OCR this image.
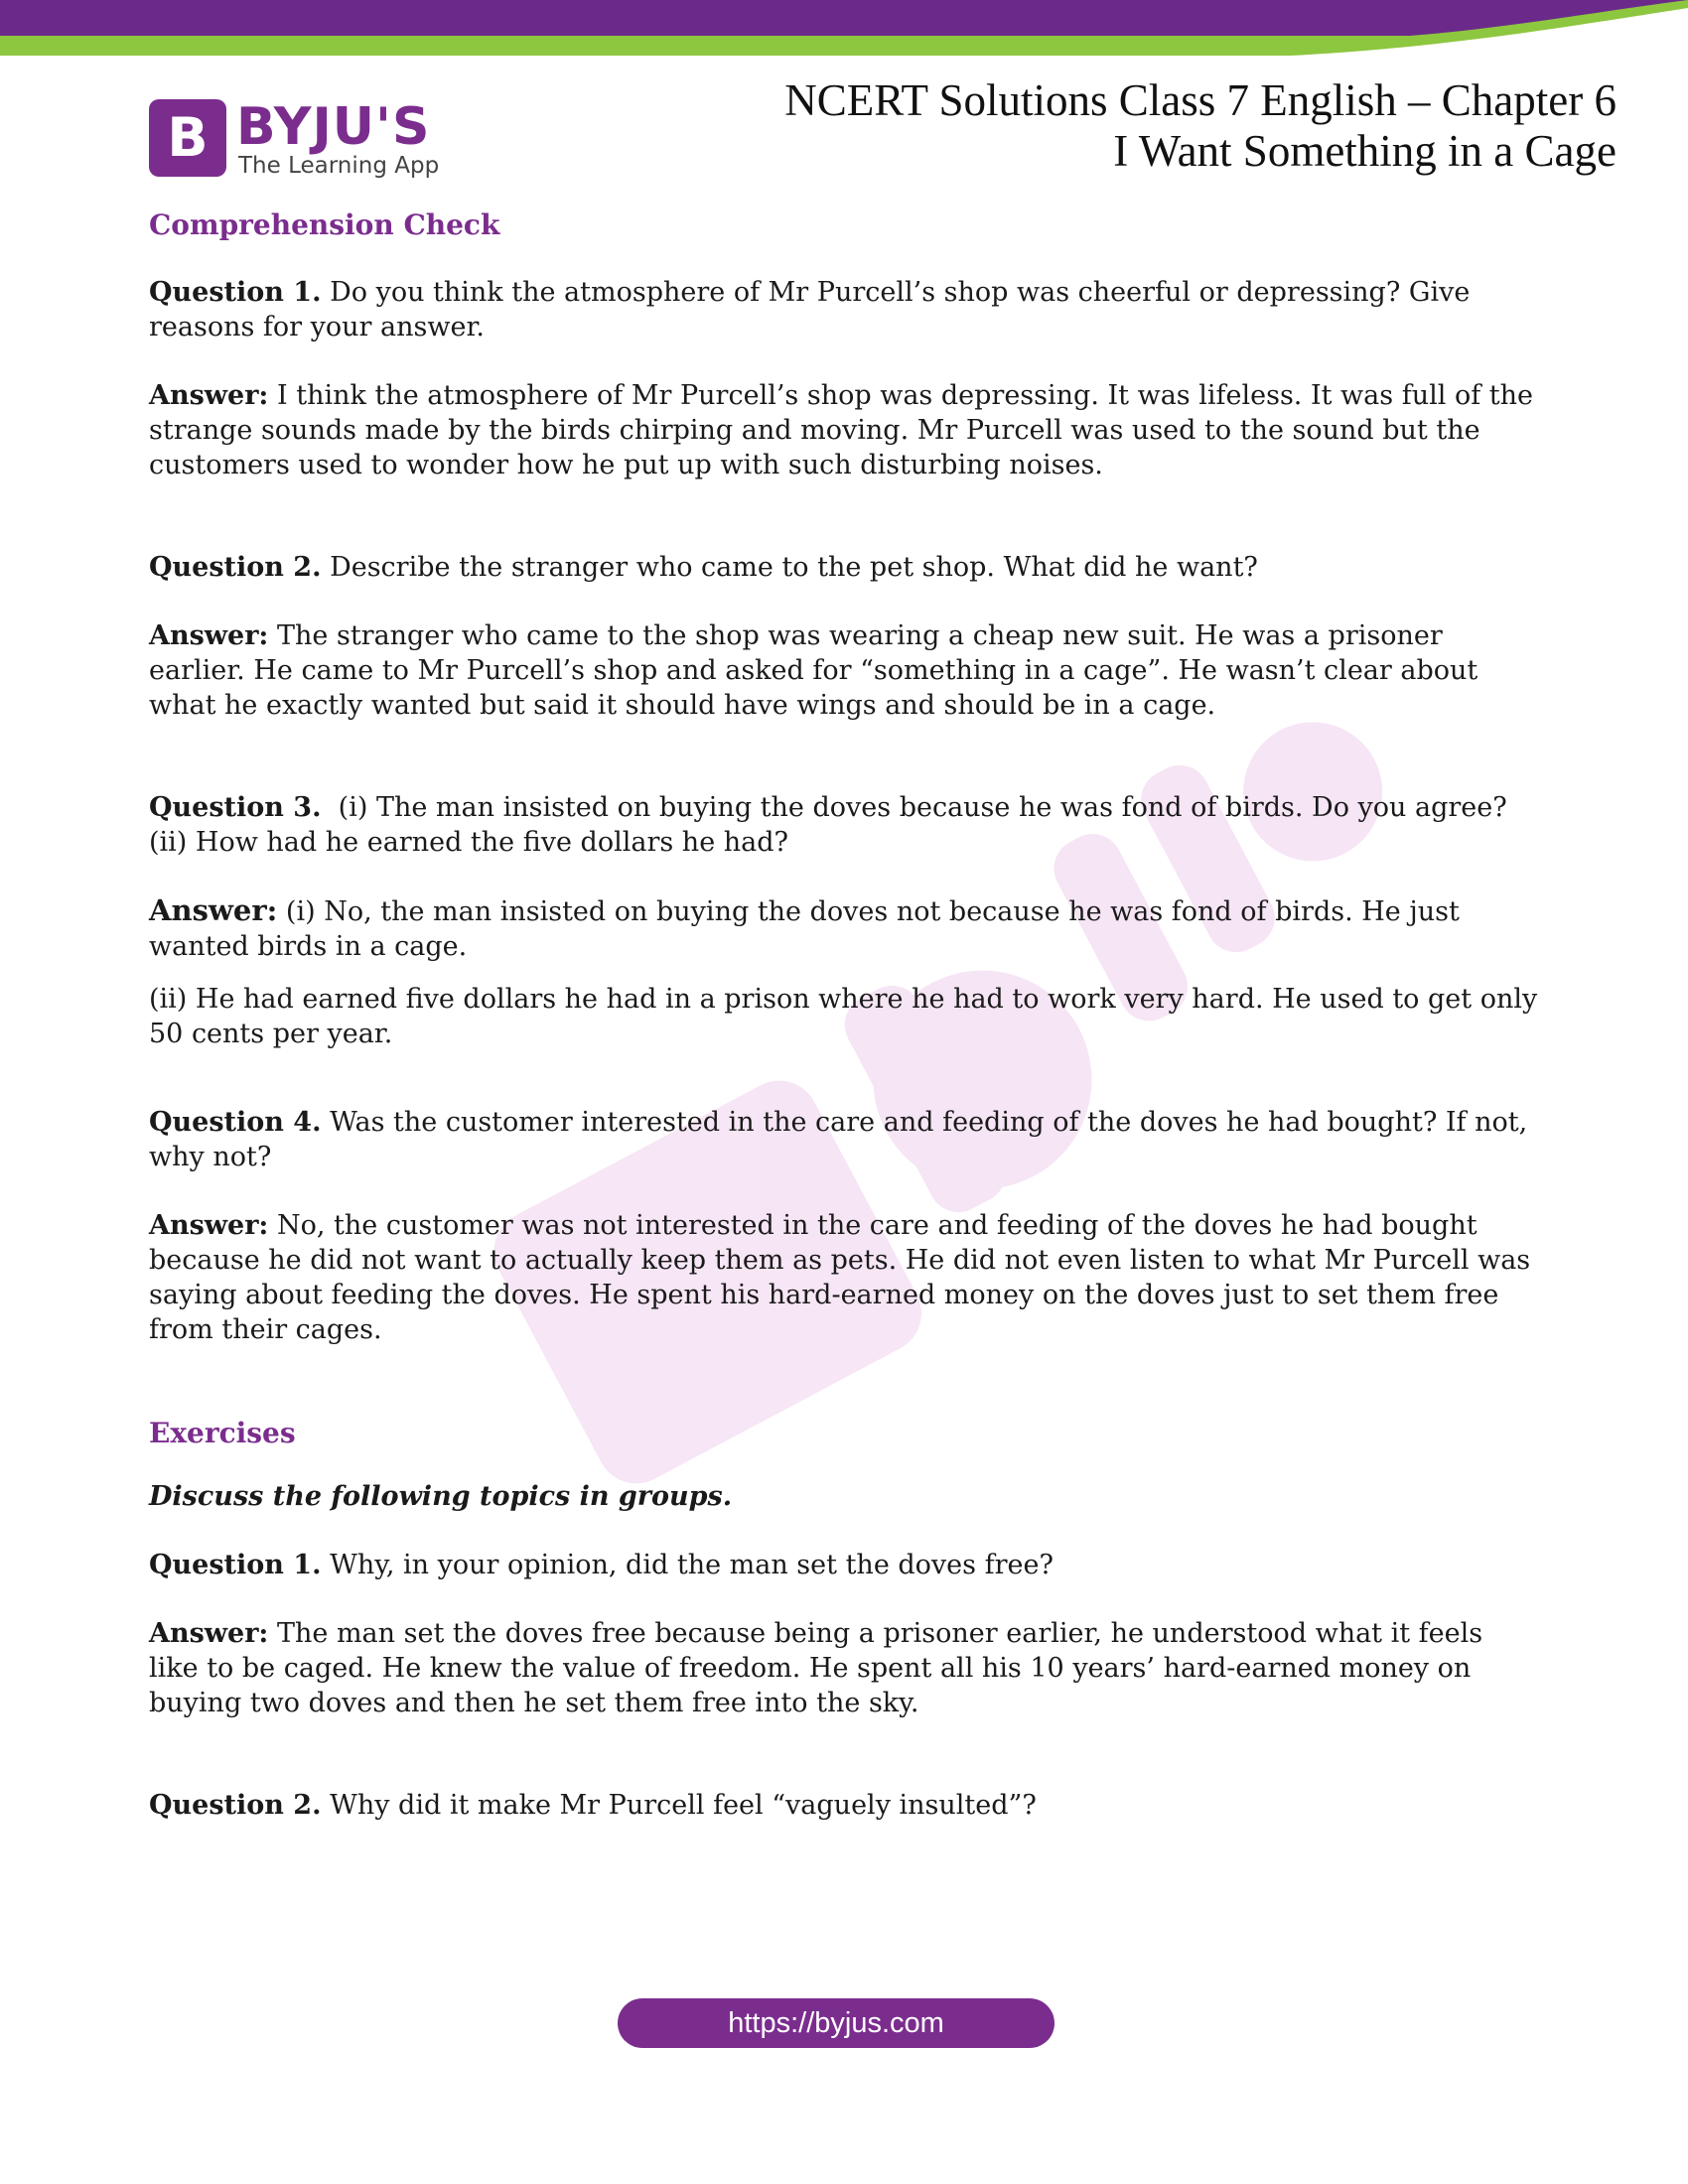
B BYJU'S
The Learning App
NCERT Solutions Class 7 English – Chapter 6
I Want Something in a Cage
Comprehension Check

Question 1. Do you think the atmosphere of Mr Purcell’s shop was cheerful or depressing? Give reasons for your answer.

Answer: I think the atmosphere of Mr Purcell’s shop was depressing. It was lifeless. It was full of the strange sounds made by the birds chirping and moving. Mr Purcell was used to the sound but the customers used to wonder how he put up with such disturbing noises.

Question 2. Describe the stranger who came to the pet shop. What did he want?

Answer: The stranger who came to the shop was wearing a cheap new suit. He was a prisoner earlier. He came to Mr Purcell’s shop and asked for “something in a cage”. He wasn’t clear about what he exactly wanted but said it should have wings and should be in a cage.

Question 3. (i) The man insisted on buying the doves because he was fond of birds. Do you agree?
(ii) How had he earned the five dollars he had?

Answer: (i) No, the man insisted on buying the doves not because he was fond of birds. He just wanted birds in a cage.

(ii) He had earned five dollars he had in a prison where he had to work very hard. He used to get only 50 cents per year.

Question 4. Was the customer interested in the care and feeding of the doves he had bought? If not, why not?

Answer: No, the customer was not interested in the care and feeding of the doves he had bought because he did not want to actually keep them as pets. He did not even listen to what Mr Purcell was saying about feeding the doves. He spent his hard-earned money on the doves just to set them free from their cages.

Exercises

Discuss the following topics in groups.

Question 1. Why, in your opinion, did the man set the doves free?

Answer: The man set the doves free because being a prisoner earlier, he understood what it feels like to be caged. He knew the value of freedom. He spent all his 10 years’ hard-earned money on buying two doves and then he set them free into the sky.

Question 2. Why did it make Mr Purcell feel “vaguely insulted”?

https://byjus.com
